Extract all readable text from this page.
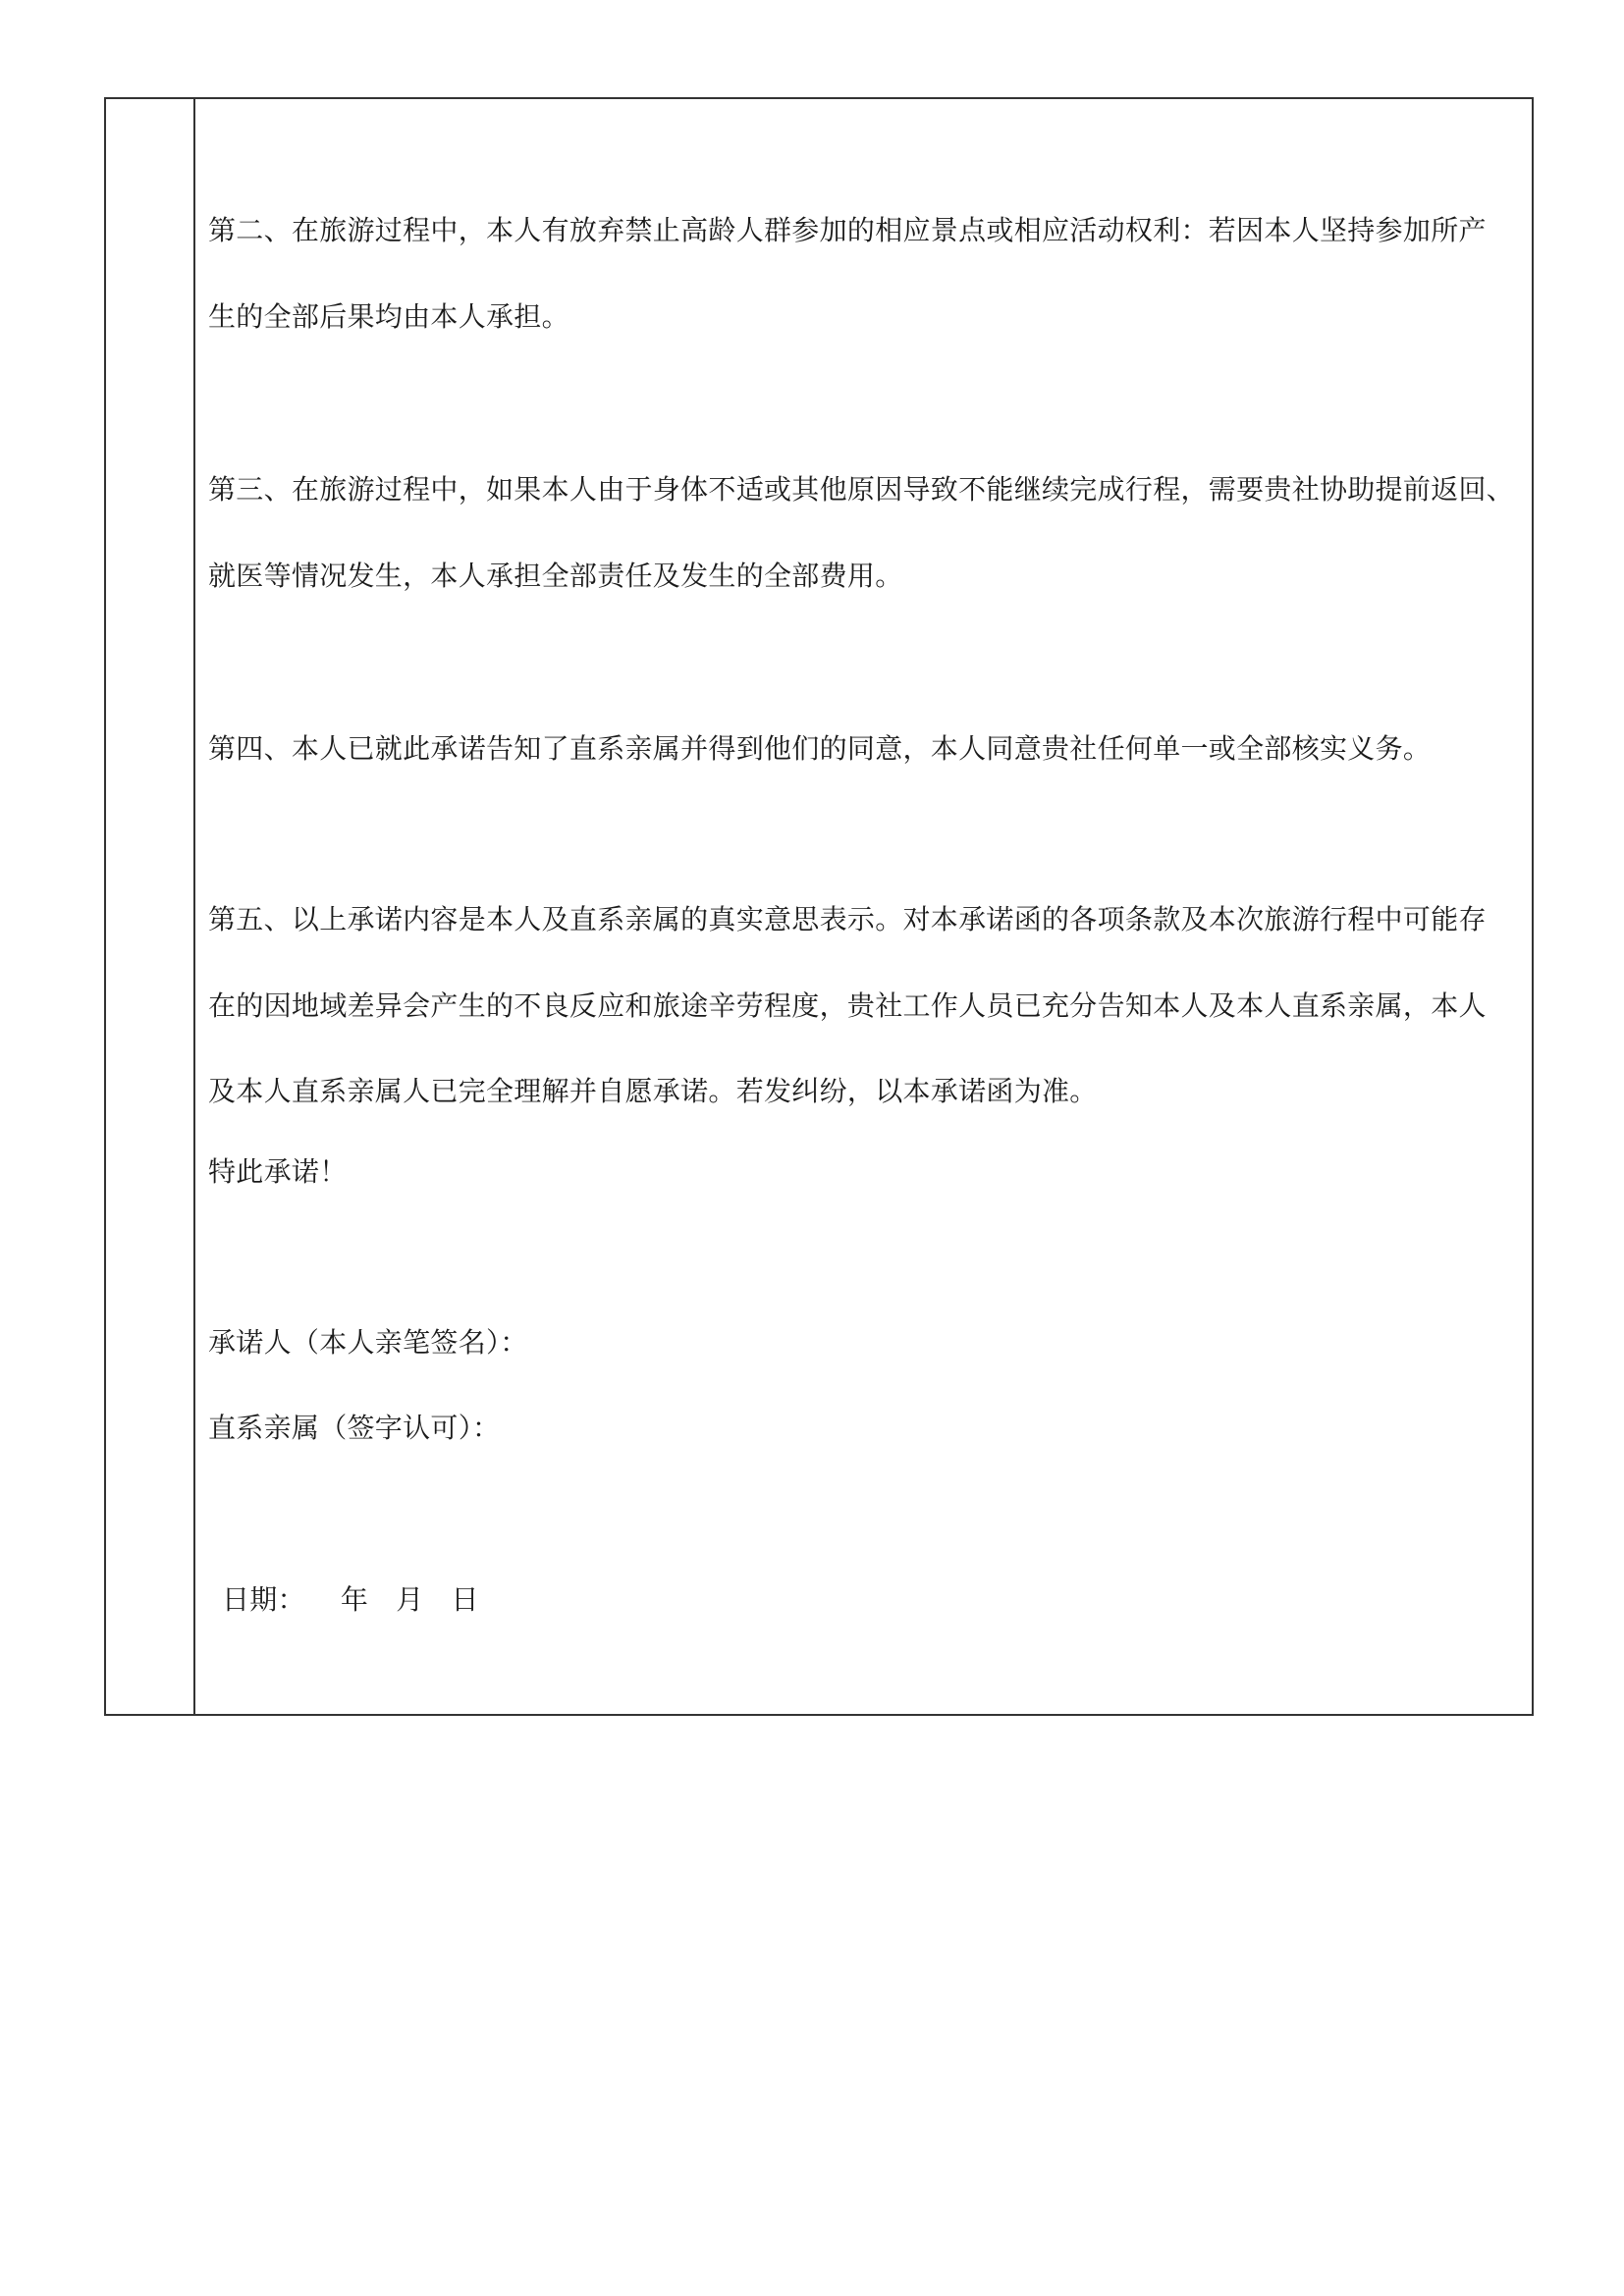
第二、在旅游过程中，本人有放弃禁止高龄人群参加的相应景点或相应活动权利：若因本人坚持参加所产
生的全部后果均由本人承担。
第三、在旅游过程中，如果本人由于身体不适或其他原因导致不能继续完成行程，需要贵社协助提前返回、
就医等情况发生，本人承担全部责任及发生的全部费用。
第四、本人已就此承诺告知了直系亲属并得到他们的同意，本人同意贵社任何单一或全部核实义务。
第五、以上承诺内容是本人及直系亲属的真实意思表示。对本承诺函的各项条款及本次旅游行程中可能存
在的因地域差异会产生的不良反应和旅途辛劳程度，贵社工作人员已充分告知本人及本人直系亲属，本人
及本人直系亲属人已完全理解并自愿承诺。若发纠纷，以本承诺函为准。
特此承诺！
承诺人（本人亲笔签名）：
直系亲属（签字认可）：
日期： 年 月 日
